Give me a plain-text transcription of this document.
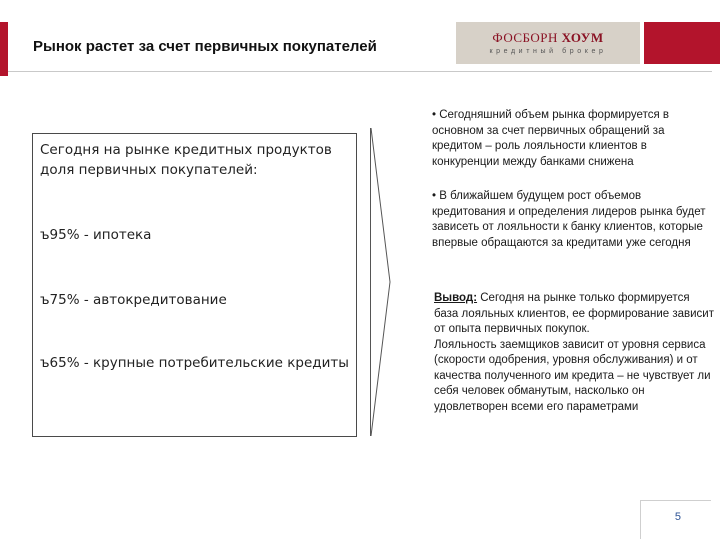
Рынок растет за счет первичных покупателей
ФОСБОРН ХОУМ
кредитный брокер
Сегодня на рынке кредитных продуктов доля первичных покупателей:
ъ95% - ипотека
ъ75% - автокредитование
ъ65% - крупные потребительские кредиты
• Сегодняшний объем рынка формируется в основном за счет первичных обращений за кредитом – роль лояльности клиентов в конкуренции между банками снижена
• В ближайшем будущем рост объемов кредитования и определения лидеров рынка будет зависеть от лояльности к банку клиентов, которые впервые обращаются за кредитами уже сегодня
Вывод: Сегодня на рынке только формируется база лояльных клиентов, ее формирование зависит от опыта первичных покупок.
Лояльность заемщиков зависит от уровня сервиса (скорости одобрения, уровня обслуживания) и от качества полученного им кредита – не чувствует ли себя человек обманутым, насколько он удовлетворен всеми его параметрами
5
